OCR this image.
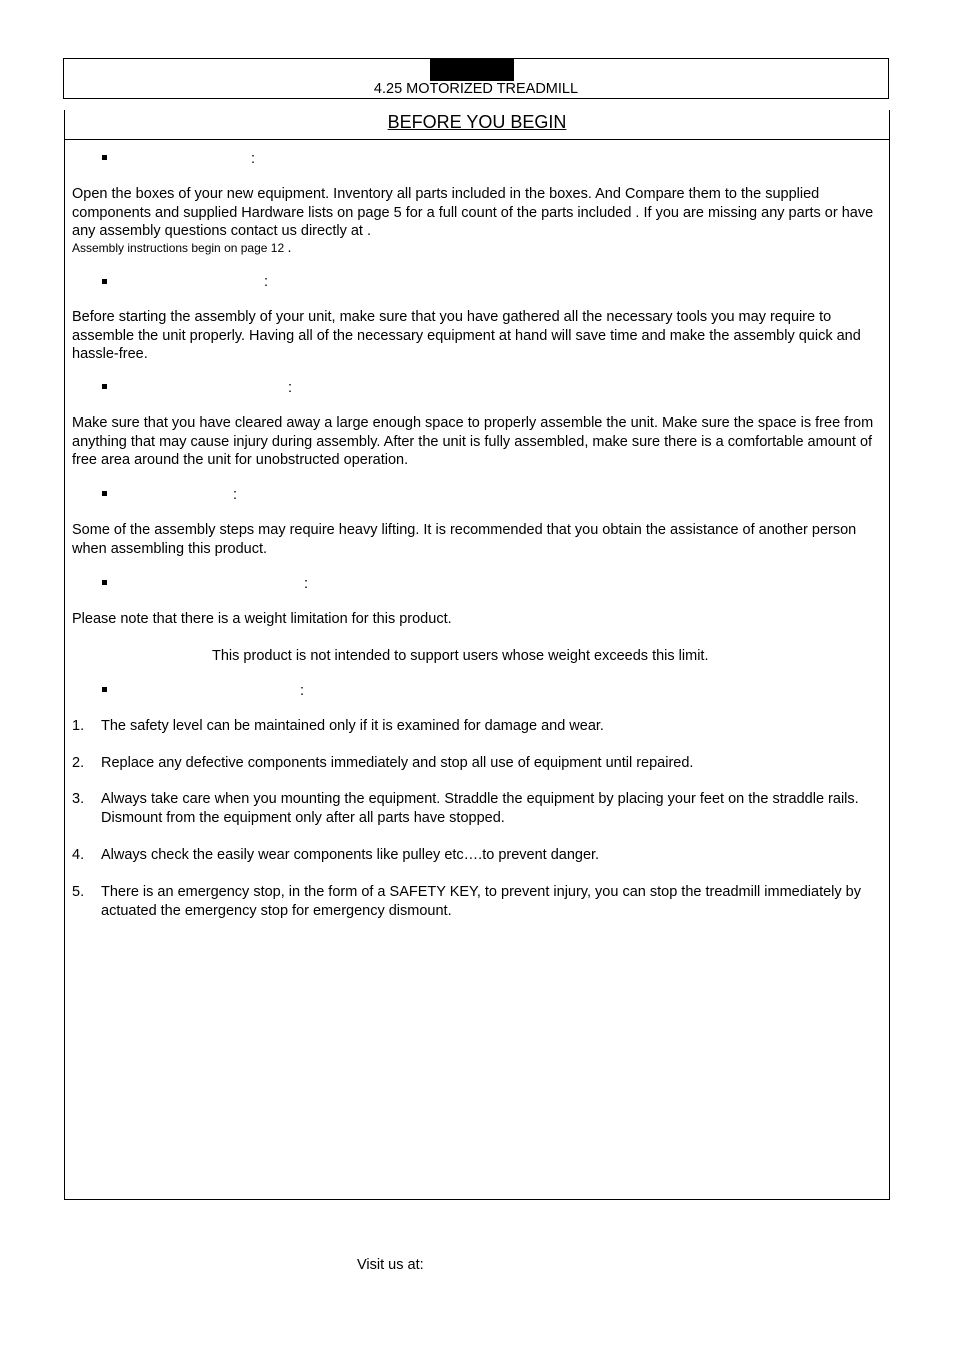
4.25 MOTORIZED TREADMILL
BEFORE YOU BEGIN
:
Open the boxes of your new equipment. Inventory all parts included in the boxes. And Compare them to the supplied components and supplied Hardware lists on page 5 for a full count of the parts included . If you are missing any parts or have any assembly questions contact us directly at .
Assembly instructions begin on page 12 .
:
Before starting the assembly of your unit, make sure that you have gathered all the necessary tools you may require to assemble the unit properly. Having all of the necessary equipment at hand will save time and make the assembly quick and hassle-free.
:
Make sure that you have cleared away a large enough space to properly assemble the unit. Make sure the space is free from anything that may cause injury during assembly. After the unit is fully assembled, make sure there is a comfortable amount of free area around the unit for unobstructed operation.
:
Some of the assembly steps may require heavy lifting. It is recommended that you obtain the assistance of another person when assembling this product.
:
Please note that there is a weight limitation for this product.
This product is not intended to support users whose weight exceeds this limit.
:
1. The safety level can be maintained only if it is examined for damage and wear.
2. Replace any defective components immediately and stop all use of equipment until repaired.
3. Always take care when you mounting the equipment. Straddle the equipment by placing your feet on the straddle rails. Dismount from the equipment only after all parts have stopped.
4. Always check the easily wear components like pulley etc….to prevent danger.
5. There is an emergency stop, in the form of a SAFETY KEY, to prevent injury, you can stop the treadmill immediately by actuated the emergency stop for emergency dismount.
Visit us at:
